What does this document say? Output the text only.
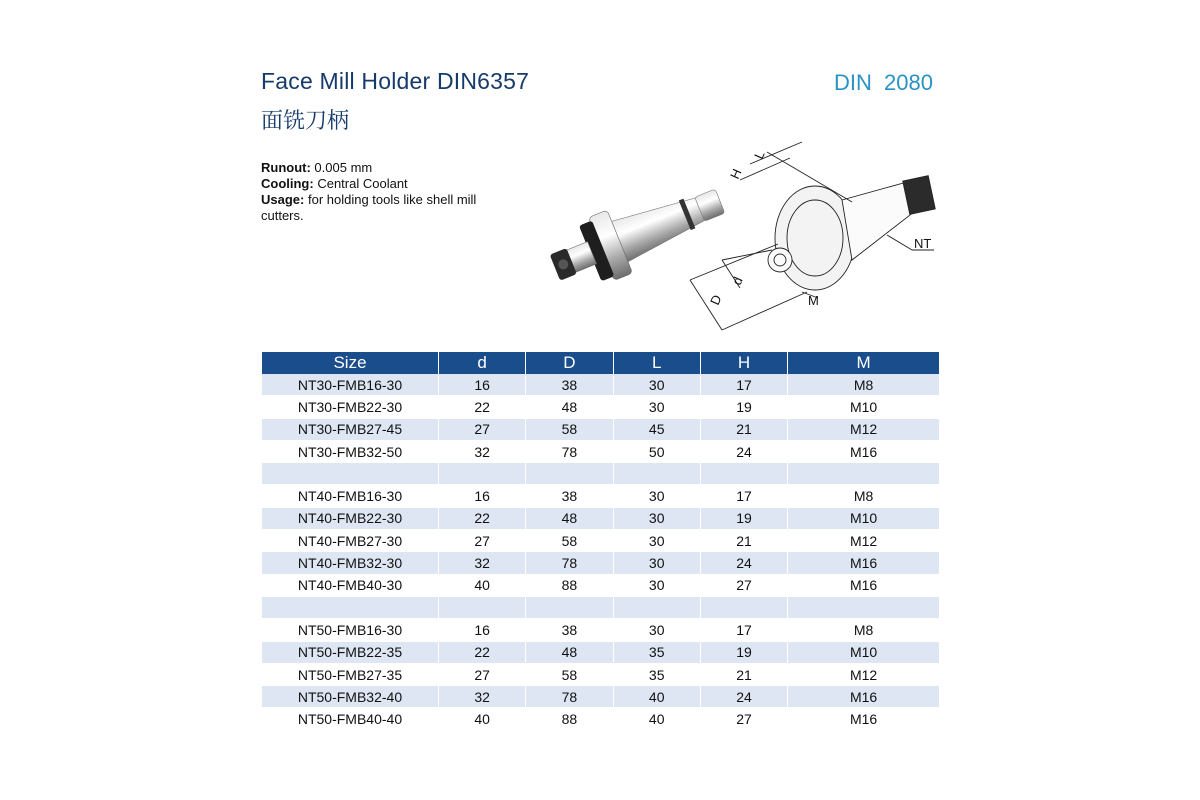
Face Mill Holder DIN6357
面铣刀柄
DIN 2080
Runout: 0.005 mm
Cooling: Central Coolant
Usage: for holding tools like shell mill cutters.
H
L
NT
d
D	M
Size	d	D	L	H	M
NT30-FMB16-30	16	38	30	17	M8
NT30-FMB22-30	22	48	30	19	M10
NT30-FMB27-45	27	58	45	21	M12
NT30-FMB32-50	32	78	50	24	M16

NT40-FMB16-30	16	38	30	17	M8
NT40-FMB22-30	22	48	30	19	M10
NT40-FMB27-30	27	58	30	21	M12
NT40-FMB32-30	32	78	30	24	M16
NT40-FMB40-30	40	88	30	27	M16

NT50-FMB16-30	16	38	30	17	M8
NT50-FMB22-35	22	48	35	19	M10
NT50-FMB27-35	27	58	35	21	M12
NT50-FMB32-40	32	78	40	24	M16
NT50-FMB40-40	40	88	40	27	M16
